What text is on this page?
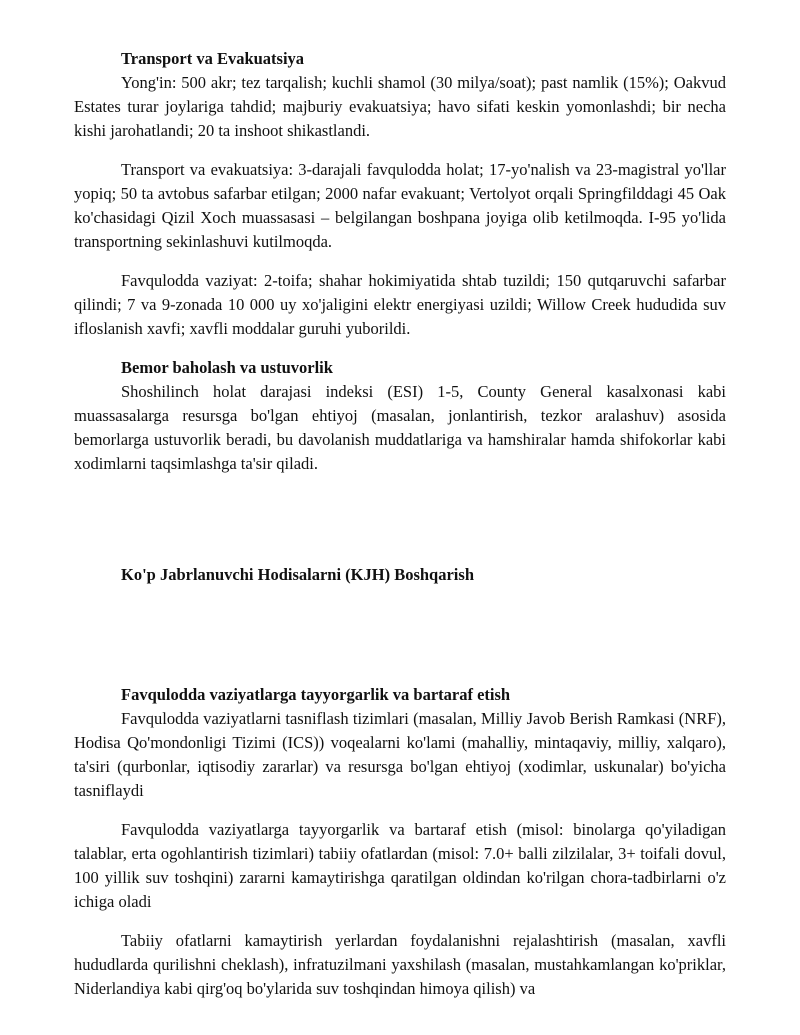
Transport va Evakuatsiya

Yong'in: 500 akr; tez tarqalish; kuchli shamol (30 milya/soat); past namlik (15%); Oakvud Estates turar joylariga tahdid; majburiy evakuatsiya; havo sifati keskin yomonlashdi; bir necha kishi jarohatlandi; 20 ta inshoot shikastlandi.

Transport va evakuatsiya: 3-darajali favqulodda holat; 17-yo'nalish va 23-magistral yo'llar yopiq; 50 ta avtobus safarbar etilgan; 2000 nafar evakuant; Vertolyot orqali Springfilddagi 45 Oak ko'chasidagi Qizil Xoch muassasasi – belgilangan boshpana joyiga olib ketilmoqda. I-95 yo'lida transportning sekinlashuvi kutilmoqda.

Favqulodda vaziyat: 2-toifa; shahar hokimiyatida shtab tuzildi; 150 qutqaruvchi safarbar qilindi; 7 va 9-zonada 10 000 uy xo'jaligini elektr energiyasi uzildi; Willow Creek hududida suv ifloslanish xavfi; xavfli moddalar guruhi yuborildi.

Bemor baholash va ustuvorlik

Shoshilinch holat darajasi indeksi (ESI) 1-5, County General kasalxonasi kabi muassasalarga resursga bo'lgan ehtiyoj (masalan, jonlantirish, tezkor aralashuv) asosida bemorlarga ustuvorlik beradi, bu davolanish muddatlariga va hamshiralar hamda shifokorlar kabi xodimlarni taqsimlashga ta'sir qiladi.

Ko'p Jabrlanuvchi Hodisalarni (KJH) Boshqarish
Favqulodda vaziyatlarga tayyorgarlik va bartaraf etish

Favqulodda vaziyatlarni tasniflash tizimlari (masalan, Milliy Javob Berish Ramkasi (NRF), Hodisa Qo'mondonligi Tizimi (ICS)) voqealarni ko'lami (mahalliy, mintaqaviy, milliy, xalqaro), ta'siri (qurbonlar, iqtisodiy zararlar) va resursga bo'lgan ehtiyoj (xodimlar, uskunalar) bo'yicha tasniflaydi

Favqulodda vaziyatlarga tayyorgarlik va bartaraf etish (misol: binolarga qo'yiladigan talablar, erta ogohlantirish tizimlari) tabiiy ofatlardan (misol: 7.0+ balli zilzilalar, 3+ toifali dovul, 100 yillik suv toshqini) zararni kamaytirishga qaratilgan oldindan ko'rilgan chora-tadbirlarni o'z ichiga oladi

Tabiiy ofatlarni kamaytirish yerlardan foydalanishni rejalashtirish (masalan, xavfli hududlarda qurilishni cheklash), infratuzilmani yaxshilash (masalan, mustahkamlangan ko'priklar, Niderlandiya kabi qirg'oq bo'ylarida suv toshqindan himoya qilish) va
